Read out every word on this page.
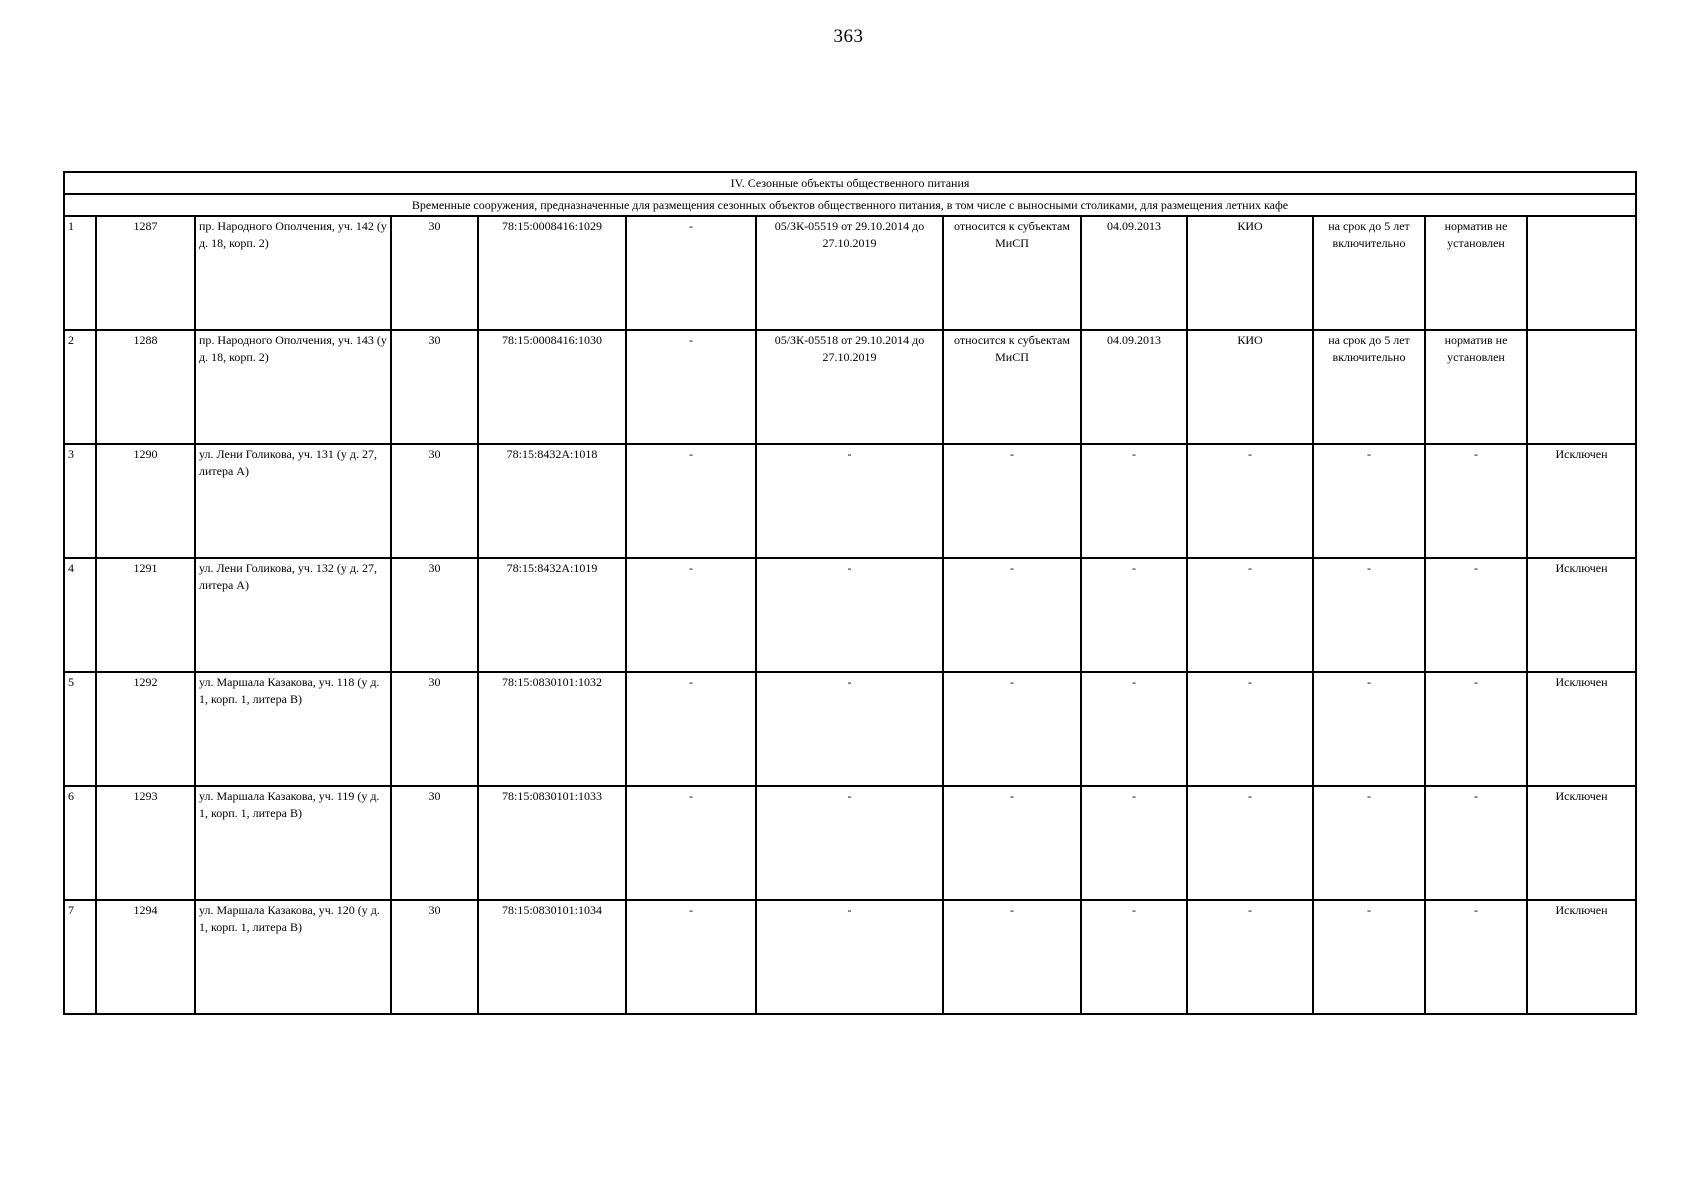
363
IV. Сезонные объекты общественного питания												
Временные сооружения, предназначенные для размещения сезонных объектов общественного питания, в том числе с выносными столиками, для размещения летних кафе												
1	1287	пр. Народного Ополчения, уч. 142 (у д. 18, корп. 2)	30	78:15:0008416:1029	-	05/ЗК-05519 от 29.10.2014 до 27.10.2019	относится к субъектам МиСП	04.09.2013	КИО	на срок до 5 лет включительно	норматив не установлен	
2	1288	пр. Народного Ополчения, уч. 143 (у д. 18, корп. 2)	30	78:15:0008416:1030	-	05/ЗК-05518 от 29.10.2014 до 27.10.2019	относится к субъектам МиСП	04.09.2013	КИО	на срок до 5 лет включительно	норматив не установлен	
3	1290	ул. Лени Голикова, уч. 131 (у д. 27, литера А)	30	78:15:8432А:1018	-	-	-	-	-	-	-	Исключен
4	1291	ул. Лени Голикова, уч. 132 (у д. 27, литера А)	30	78:15:8432А:1019	-	-	-	-	-	-	-	Исключен
5	1292	ул. Маршала Казакова, уч. 118 (у д. 1, корп. 1, литера В)	30	78:15:0830101:1032	-	-	-	-	-	-	-	Исключен
6	1293	ул. Маршала Казакова, уч. 119 (у д. 1, корп. 1, литера В)	30	78:15:0830101:1033	-	-	-	-	-	-	-	Исключен
7	1294	ул. Маршала Казакова, уч. 120 (у д. 1, корп. 1, литера В)	30	78:15:0830101:1034	-	-	-	-	-	-	-	Исключен
